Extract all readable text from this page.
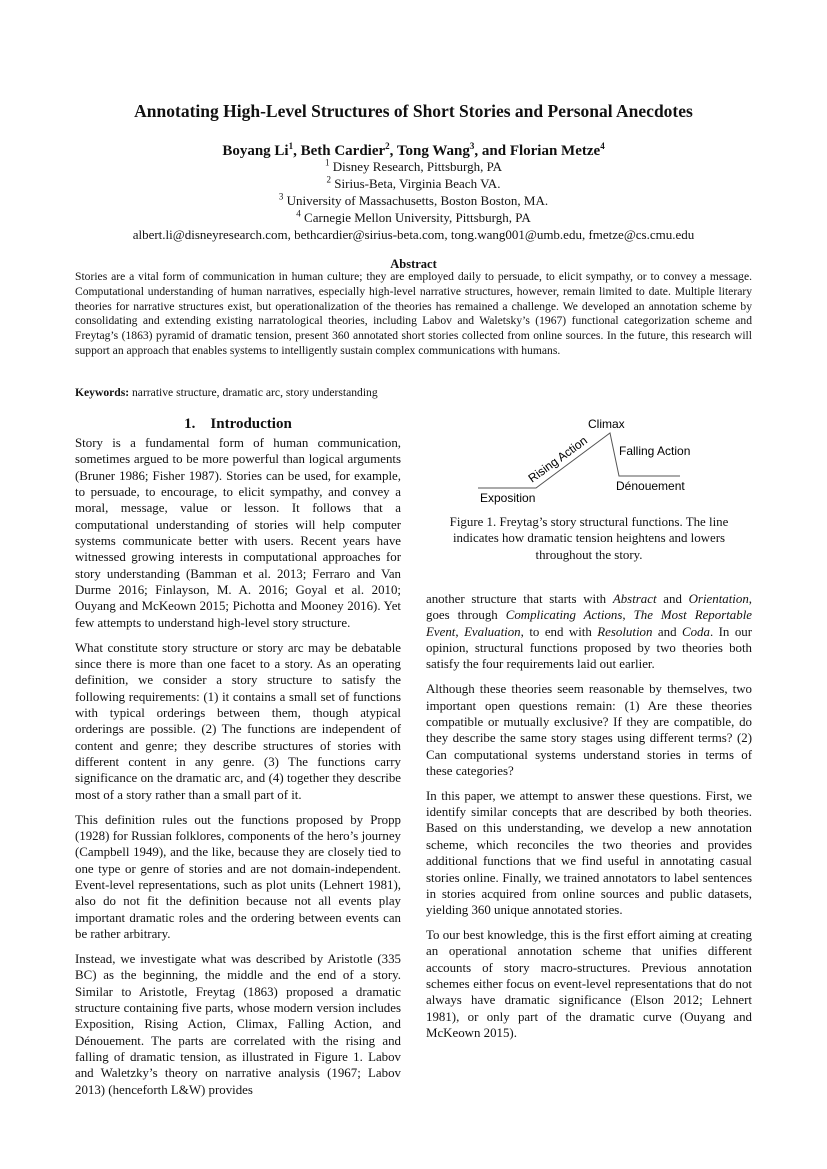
Annotating High-Level Structures of Short Stories and Personal Anecdotes
Boyang Li$^1$, Beth Cardier$^2$, Tong Wang$^3$, and Florian Metze$^4$
$^1$ Disney Research, Pittsburgh, PA
$^2$ Sirius-Beta, Virginia Beach VA.
$^3$ University of Massachusetts, Boston Boston, MA.
$^4$ Carnegie Mellon University, Pittsburgh, PA
albert.li@disneyresearch.com, bethcardier@sirius-beta.com, tong.wang001@umb.edu, fmetze@cs.cmu.edu
Abstract
Stories are a vital form of communication in human culture; they are employed daily to persuade, to elicit sympathy, or to convey a message. Computational understanding of human narratives, especially high-level narrative structures, however, remain limited to date. Multiple literary theories for narrative structures exist, but operationalization of the theories has remained a challenge. We developed an annotation scheme by consolidating and extending existing narratological theories, including Labov and Waletsky’s (1967) functional categorization scheme and Freytag’s (1863) pyramid of dramatic tension, present 360 annotated short stories collected from online sources. In the future, this research will support an approach that enables systems to intelligently sustain complex communications with humans.
Keywords: narrative structure, dramatic arc, story understanding
1.    Introduction

Story is a fundamental form of human communication, sometimes argued to be more powerful than logical arguments (Bruner 1986; Fisher 1987). Stories can be used, for example, to persuade, to encourage, to elicit sympathy, and convey a moral, message, value or lesson. It follows that a computational understanding of stories will help computer systems communicate better with users. Recent years have witnessed growing interests in computational approaches for story understanding (Bamman et al. 2013; Ferraro and Van Durme 2016; Finlayson, M. A. 2016; Goyal et al. 2010; Ouyang and McKeown 2015; Pichotta and Mooney 2016). Yet few attempts to understand high-level story structure.

What constitute story structure or story arc may be debatable since there is more than one facet to a story. As an operating definition, we consider a story structure to satisfy the following requirements: (1) it contains a small set of functions with typical orderings between them, though atypical orderings are possible. (2) The functions are independent of content and genre; they describe structures of stories with different content in any genre. (3) The functions carry significance on the dramatic arc, and (4) together they describe most of a story rather than a small part of it.

This definition rules out the functions proposed by Propp (1928) for Russian folklores, components of the hero’s journey (Campbell 1949), and the like, because they are closely tied to one type or genre of stories and are not domain-independent. Event-level representations, such as plot units (Lehnert 1981), also do not fit the definition because not all events play important dramatic roles and the ordering between events can be rather arbitrary.

Instead, we investigate what was described by Aristotle (335 BC) as the beginning, the middle and the end of a story. Similar to Aristotle, Freytag (1863) proposed a dramatic structure containing five parts, whose modern version includes Exposition, Rising Action, Climax, Falling Action, and Dénouement. The parts are correlated with the rising and falling of dramatic tension, as illustrated in Figure 1. Labov and Waletzky’s theory on narrative analysis (1967; Labov 2013) (henceforth L&W) provides

Climax
Rising Action Falling Action
Dénouement
Exposition
Figure 1. Freytag’s story structural functions. The line indicates how dramatic tension heightens and lowers throughout the story.

another structure that starts with Abstract and Orientation, goes through Complicating Actions, The Most Reportable Event, Evaluation, to end with Resolution and Coda. In our opinion, structural functions proposed by two theories both satisfy the four requirements laid out earlier.

Although these theories seem reasonable by themselves, two important open questions remain: (1) Are these theories compatible or mutually exclusive? If they are compatible, do they describe the same story stages using different terms? (2) Can computational systems understand stories in terms of these categories?

In this paper, we attempt to answer these questions. First, we identify similar concepts that are described by both theories. Based on this understanding, we develop a new annotation scheme, which reconciles the two theories and provides additional functions that we find useful in annotating casual stories online. Finally, we trained annotators to label sentences in stories acquired from online sources and public datasets, yielding 360 unique annotated stories.

To our best knowledge, this is the first effort aiming at creating an operational annotation scheme that unifies different accounts of story macro-structures. Previous annotation schemes either focus on event-level representations that do not always have dramatic significance (Elson 2012; Lehnert 1981), or only part of the dramatic curve (Ouyang and McKeown 2015).
